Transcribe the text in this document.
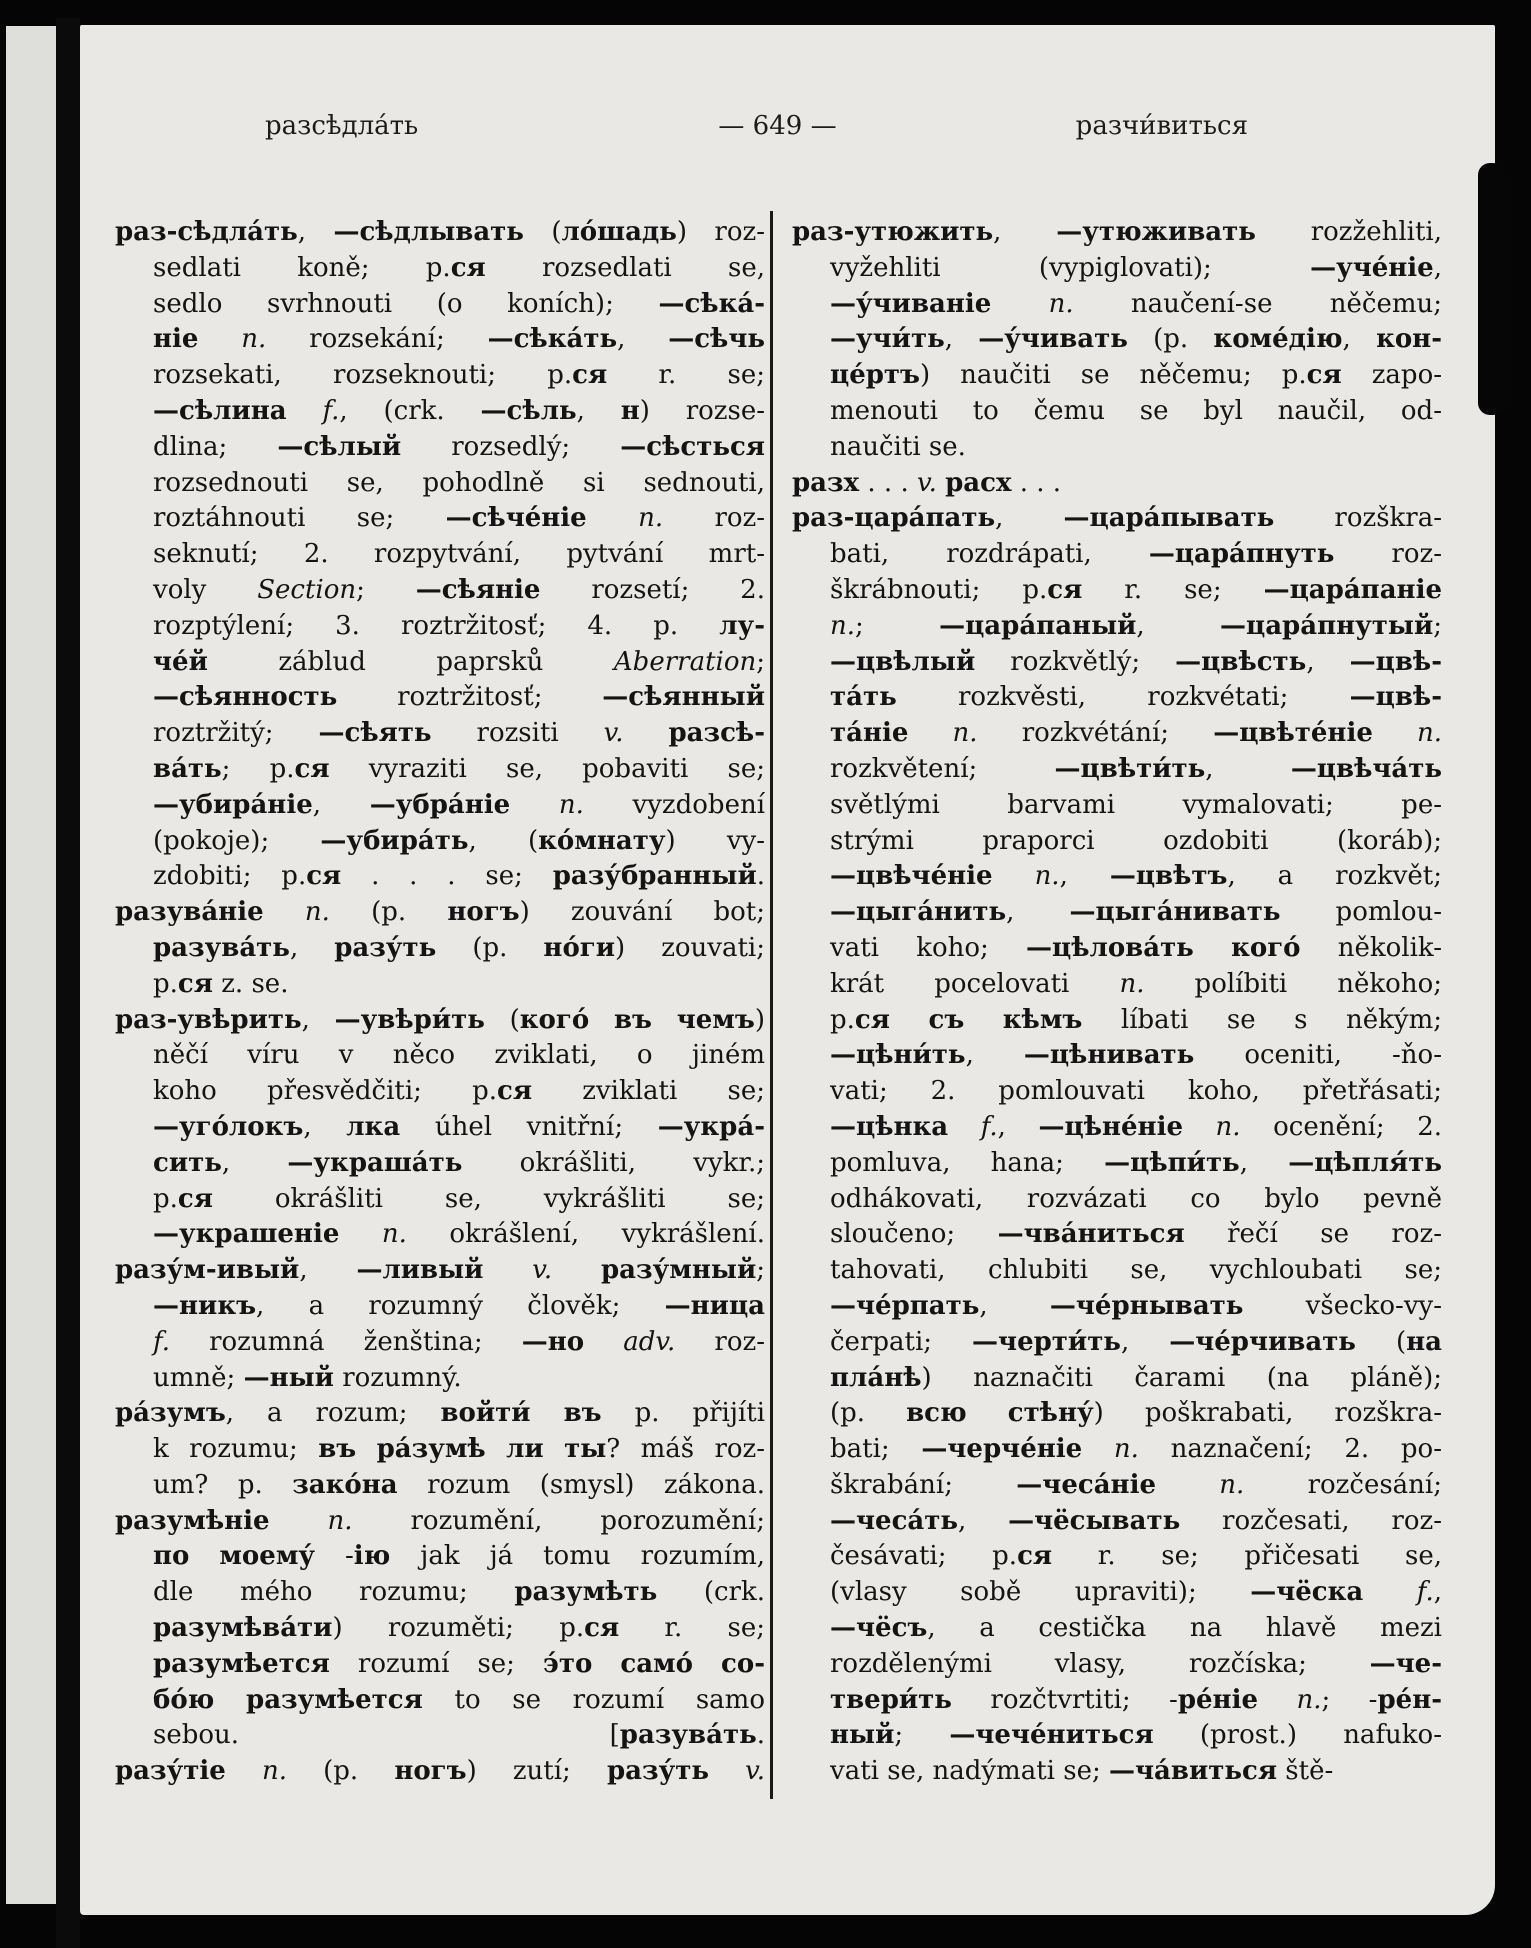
разсѣдла́ть	— 649 —	разчи́виться
раз-сѣдла́ть, —сѣдлывать (ло́шадь) roz-
sedlati koně; p.ся rozsedlati se,
sedlo svrhnouti (o koních); —сѣка́-
ніе n. rozsekání; —сѣка́ть, —сѣчь
rozsekati, rozseknouti; p.ся r. se;
—сѣлина f., (crk. —сѣль, н) rozse-
dlina; —сѣлый rozsedlý; —сѣсться
rozsednouti se, pohodlně si sednouti,
roztáhnouti se; —сѣче́ніе n. roz-
seknutí; 2. rozpytvání, pytvání mrt-
voly Section; —сѣяніе rozsetí; 2.
rozptýlení; 3. roztržitosť; 4. p. лу-
че́й záblud paprsků Aberration;
—сѣянность roztržitosť; —сѣянный
roztržitý; —сѣять rozsiti v. разсѣ-
ва́ть; p.ся vyraziti se, pobaviti se;
—убира́ніе, —убра́ніе n. vyzdobení
(pokoje); —убира́ть, (ко́мнату) vy-
zdobiti; p.ся . . . se; разу́бранный.
разува́ніе n. (p. ногъ) zouvání bot;
разува́ть, разу́ть (p. но́ги) zouvati;
p.ся z. se.
раз-увѣрить, —увѣри́ть (кого́ въ чемъ)
něčí víru v něco zviklati, o jiném
koho přesvědčiti; p.ся zviklati se;
—уго́локъ, лка úhel vnitřní; —укра́-
сить, —украша́ть okrášliti, vykr.;
p.ся okrášliti se, vykrášliti se;
—украшеніе n. okrášlení, vykrášlení.
разу́м-ивый, —ливый v. разу́мный;
—никъ, a rozumný člověk; —ница
f. rozumná ženština; —но adv. roz-
umně; —ный rozumný.
ра́зумъ, a rozum; войти́ въ p. přijíti
k rozumu; въ ра́зумѣ ли ты? máš roz-
um? p. зако́на rozum (smysl) zákona.
разумѣніе n. rozumění, porozumění;
по моему́ -ію jak já tomu rozumím,
dle mého rozumu; разумѣть (crk.
разумѣва́ти) rozuměti; p.ся r. se;
разумѣется rozumí se; э́то само́ со-
бо́ю разумѣется to se rozumí samo
sebou. [разува́ть.
разу́тіе n. (p. ногъ) zutí; разу́ть v.
раз-утюжить, —утюживать rozžehliti,
vyžehliti (vypiglovati); —уче́ніе,
—у́чиваніе n. naučení-se něčemu;
—учи́ть, —у́чивать (p. коме́дію, кон-
це́ртъ) naučiti se něčemu; p.ся zapo-
menouti to čemu se byl naučil, od-
naučiti se.
разх . . . v. расх . . .
раз-цара́пать, —цара́пывать rozškra-
bati, rozdrápati, —цара́пнуть roz-
škrábnouti; p.ся r. se; —цара́паніе
n.; —цара́паный, —цара́пнутый;
—цвѣлый rozkvětlý; —цвѣсть, —цвѣ-
та́ть rozkvěsti, rozkvétati; —цвѣ-
та́ніе n. rozkvétání; —цвѣте́ніе n.
rozkvětení; —цвѣти́ть, —цвѣча́ть
světlými barvami vymalovati; pe-
strými praporci ozdobiti (koráb);
—цвѣче́ніе n., —цвѣтъ, a rozkvět;
—цыга́нить, —цыга́нивать pomlou-
vati koho; —цѣлова́ть кого́ několik-
krát pocelovati n. políbiti někoho;
p.ся съ кѣмъ líbati se s někým;
—цѣни́ть, —цѣнивать oceniti, -ňo-
vati; 2. pomlouvati koho, přetřásati;
—цѣнка f., —цѣне́ніе n. ocenění; 2.
pomluva, hana; —цѣпи́ть, —цѣпля́ть
odhákovati, rozvázati co bylo pevně
sloučeno; —чва́ниться řečí se roz-
tahovati, chlubiti se, vychloubati se;
—че́рпать, —че́рнывать všecko-vy-
čerpati; —черти́ть, —че́рчивать (на
пла́нѣ) naznačiti čarami (na pláně);
(p. всю стѣну́) poškrabati, rozškra-
bati; —черче́ніе n. naznačení; 2. po-
škrabání; —чеса́ніе n. rozčesání;
—чеса́ть, —чёсывать rozčesati, roz-
česávati; p.ся r. se; přičesati se,
(vlasy sobě upraviti); —чёска f.,
—чёсъ, a cestička na hlavě mezi
rozdělenými vlasy, rozčíska; —че-
твери́ть rozčtvrtiti; -ре́ніе n.; -ре́н-
ный; —чече́ниться (prost.) nafuko-
vati se, nadýmati se; —ча́виться ště-
